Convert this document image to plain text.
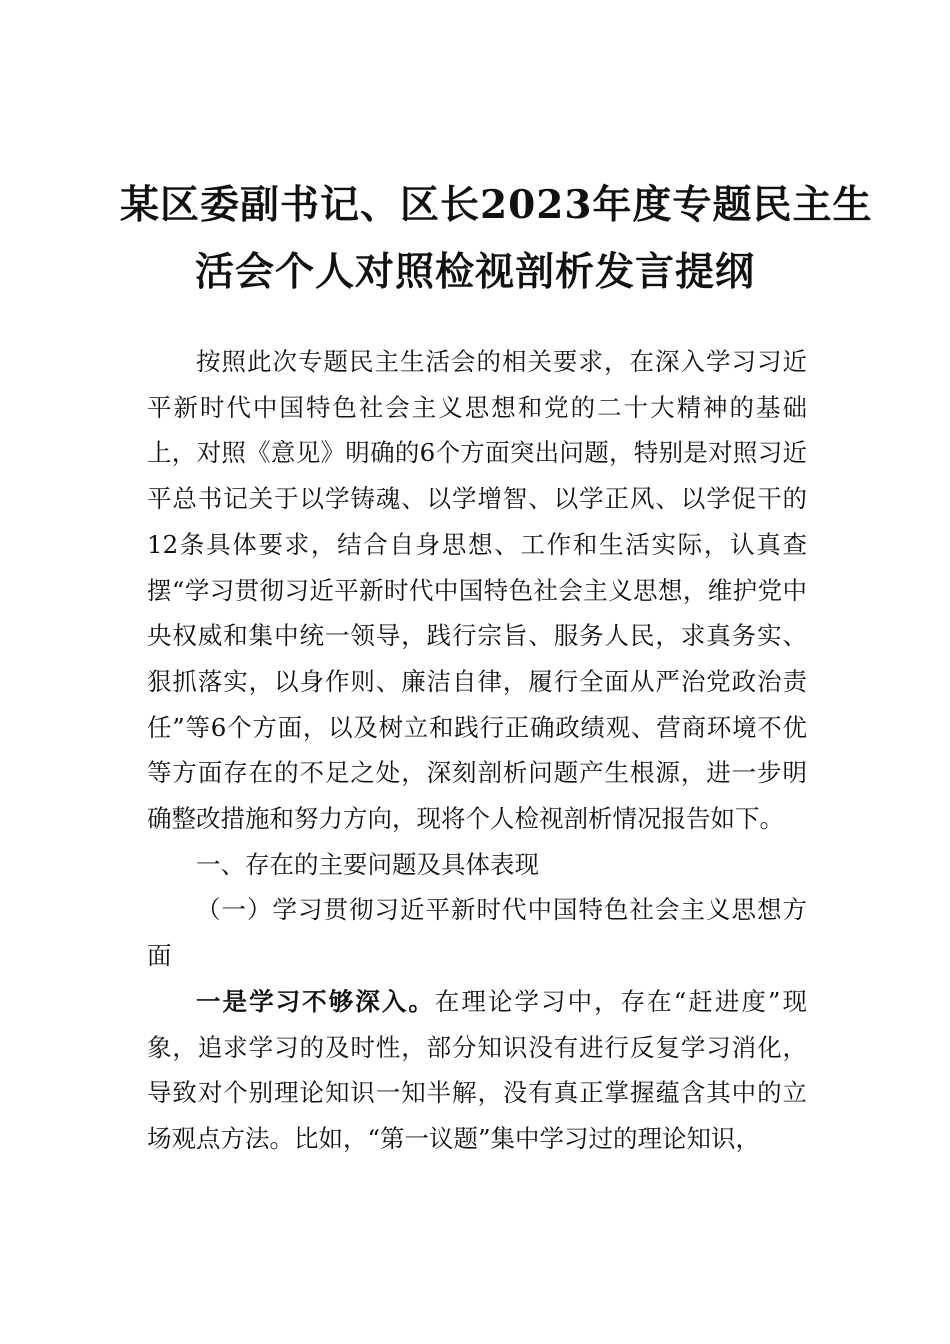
某区委副书记、区长2023年度专题民主生
活会个人对照检视剖析发言提纲

按照此次专题民主生活会的相关要求，在深入学习习近平新时代中国特色社会主义思想和党的二十大精神的基础上，对照《意见》明确的6个方面突出问题，特别是对照习近平总书记关于以学铸魂、以学增智、以学正风、以学促干的12条具体要求，结合自身思想、工作和生活实际，认真查摆“学习贯彻习近平新时代中国特色社会主义思想，维护党中央权威和集中统一领导，践行宗旨、服务人民，求真务实、狠抓落实，以身作则、廉洁自律，履行全面从严治党政治责任”等6个方面，以及树立和践行正确政绩观、营商环境不优等方面存在的不足之处，深刻剖析问题产生根源，进一步明确整改措施和努力方向，现将个人检视剖析情况报告如下。

一、存在的主要问题及具体表现

（一）学习贯彻习近平新时代中国特色社会主义思想方面

一是学习不够深入。在理论学习中，存在“赶进度”现象，追求学习的及时性，部分知识没有进行反复学习消化，导致对个别理论知识一知半解，没有真正掌握蕴含其中的立场观点方法。比如，“第一议题”集中学习过的理论知识，
